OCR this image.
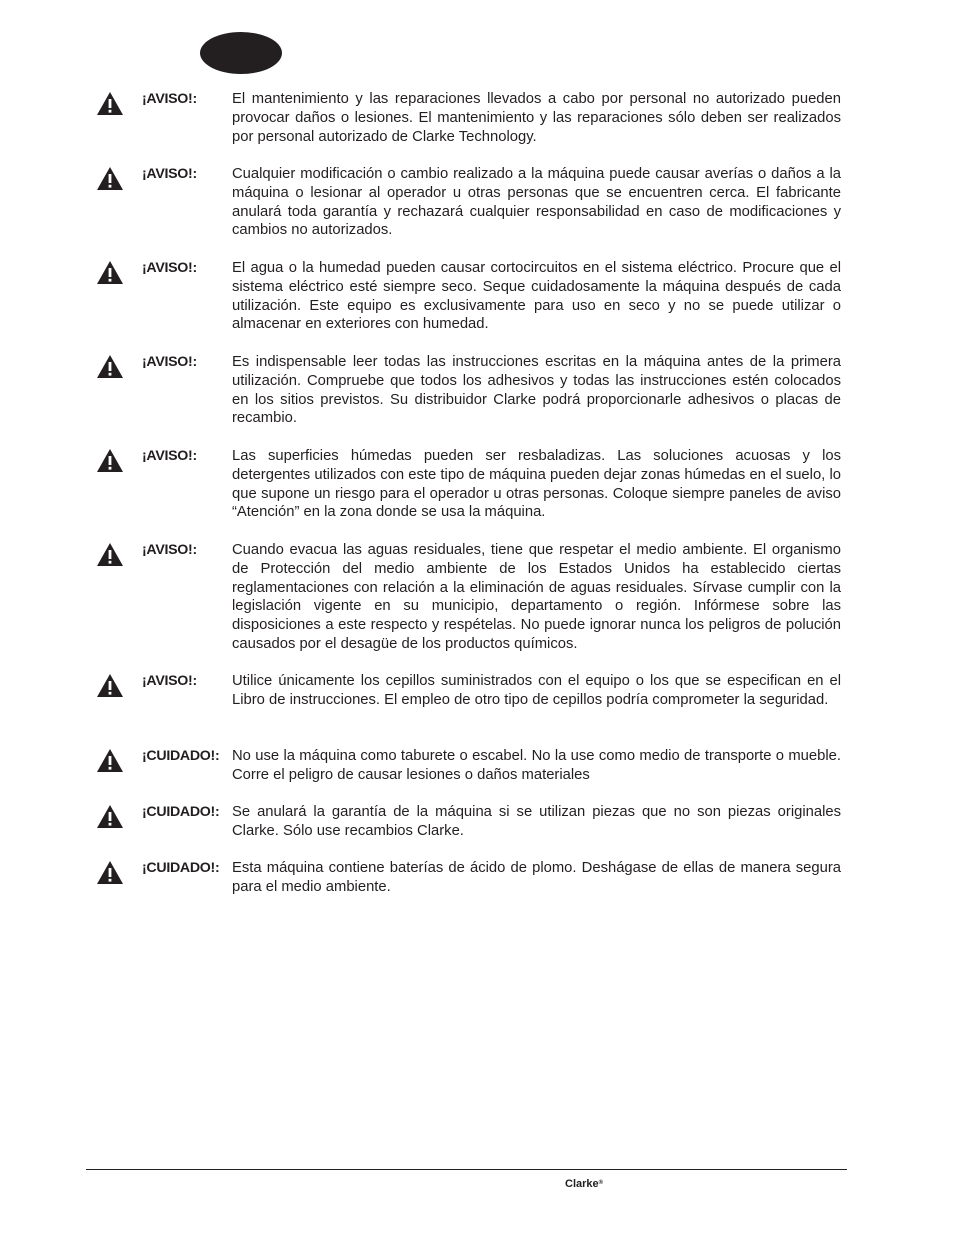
¡AVISO!:	El mantenimiento y las reparaciones llevados a cabo por personal no autorizado pueden provocar daños o lesiones. El mantenimiento y las reparaciones sólo deben ser realizados por personal autorizado de Clarke Technology.
¡AVISO!:	Cualquier modificación o cambio realizado a la máquina puede causar averías o daños a la máquina o lesionar al operador u otras personas que se encuentren cerca. El fabricante anulará toda garantía y rechazará cualquier responsabilidad en caso de modificaciones y cambios no autorizados.
¡AVISO!:	El agua o la humedad pueden causar cortocircuitos en el sistema eléctrico. Procure que el sistema eléctrico esté siempre seco. Seque cuidadosamente la máquina después de cada utilización. Este equipo es exclusivamente para uso en seco y no se puede utilizar o almacenar en exteriores con humedad.
¡AVISO!:	Es indispensable leer todas las instrucciones escritas en la máquina antes de la primera utilización. Compruebe que todos los adhesivos y todas las instrucciones estén colocados en los sitios previstos. Su distribuidor Clarke podrá proporcionarle adhesivos o placas de recambio.
¡AVISO!:	Las superficies húmedas pueden ser resbaladizas. Las soluciones acuosas y los detergentes utilizados con este tipo de máquina pueden dejar zonas húmedas en el suelo, lo que supone un riesgo para el operador u otras personas. Coloque siempre paneles de aviso “Atención” en la zona donde se usa la máquina.
¡AVISO!:	Cuando evacua las aguas residuales, tiene que respetar el medio ambiente. El organismo de Protección del medio ambiente de los Estados Unidos ha establecido ciertas reglamentaciones con relación a la eliminación de aguas residuales. Sírvase cumplir con la legislación vigente en su municipio, departamento o región. Infórmese sobre las disposiciones a este respecto y respételas. No puede ignorar nunca los peligros de polución causados por el desagüe de los productos químicos.
¡AVISO!:	Utilice únicamente los cepillos suministrados con el equipo o los que se especifican en el Libro de instrucciones. El empleo de otro tipo de cepillos podría comprometer la seguridad.
¡CUIDADO!: No use la máquina como taburete o escabel. No la use como medio de transporte o mueble. Corre el peligro de causar lesiones o daños materiales
¡CUIDADO!: Se anulará la garantía de la máquina si se utilizan piezas que no son piezas originales Clarke. Sólo use recambios Clarke.
¡CUIDADO!: Esta máquina contiene baterías de ácido de plomo. Deshágase de ellas de manera segura para el medio ambiente.
Clarke®
